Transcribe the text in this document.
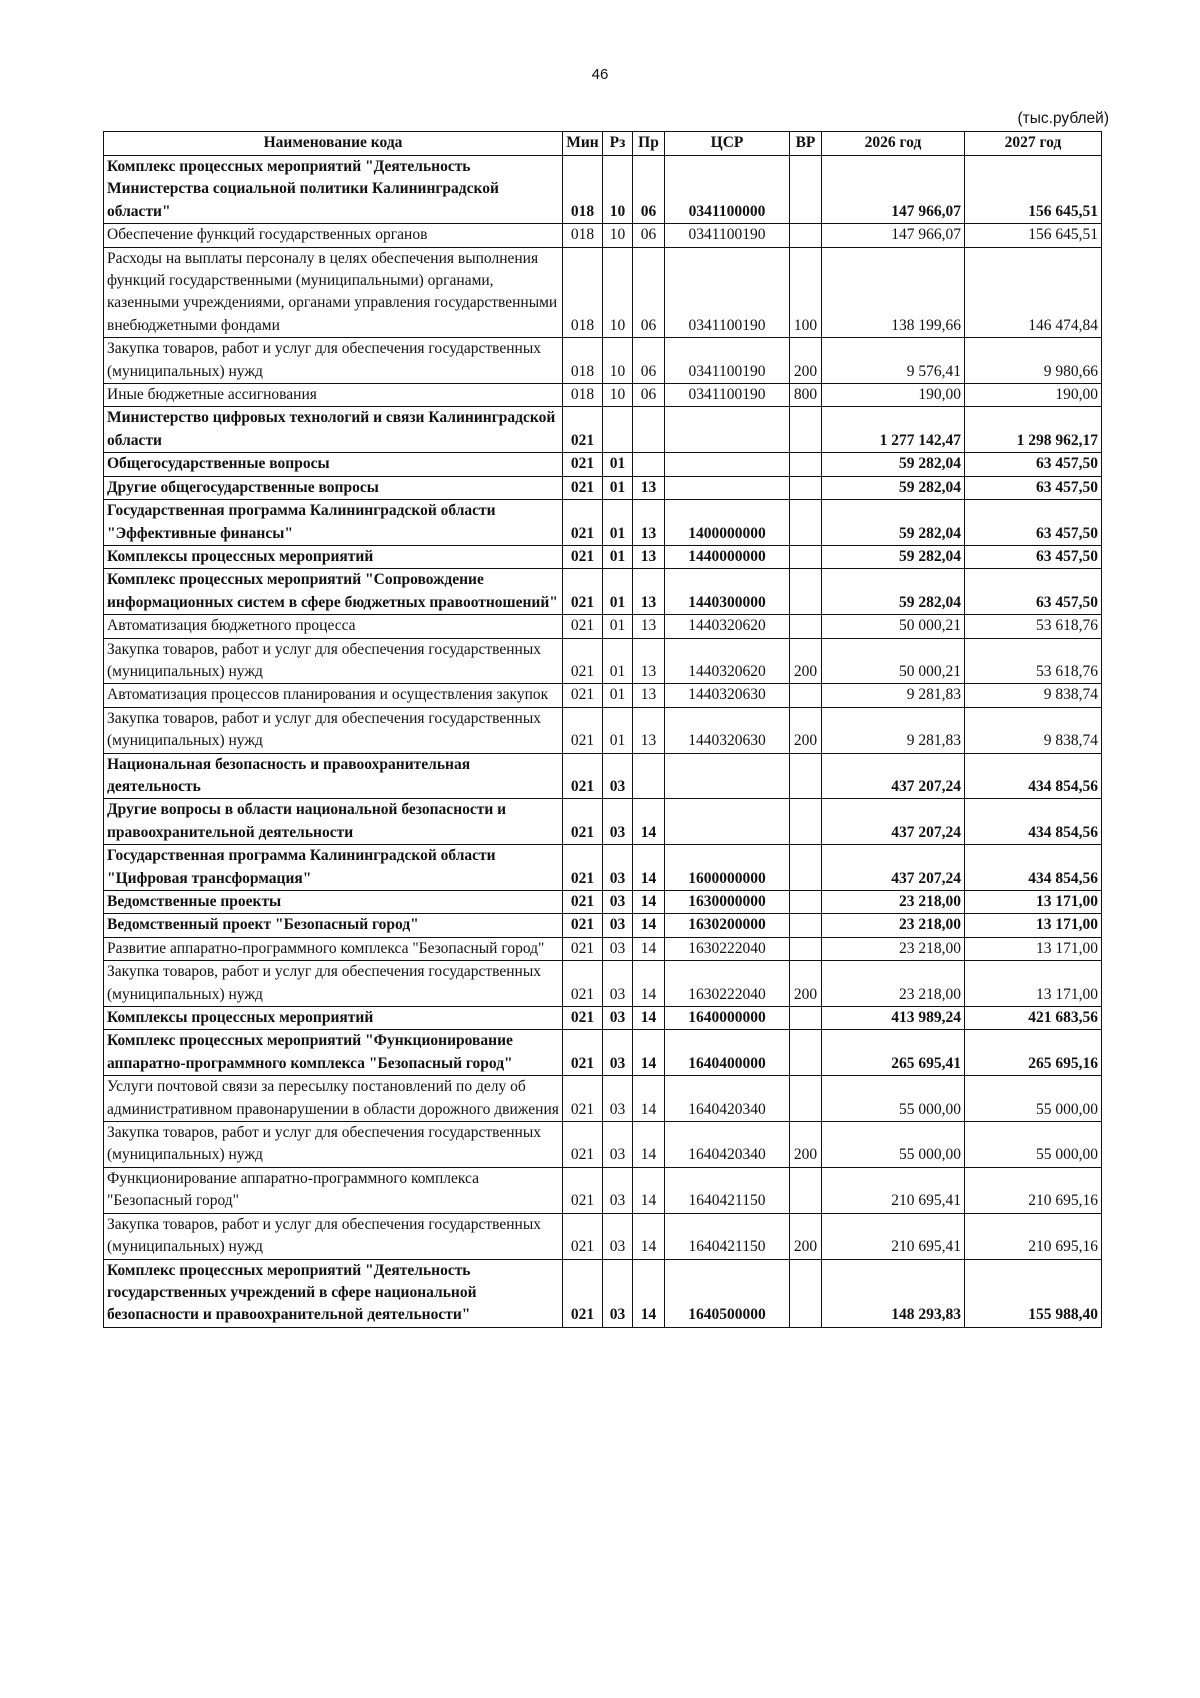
46
(тыс.рублей)
Наименование кода	Мин	Рз	Пр	ЦСР	ВР	2026 год	2027 год
Комплекс процессных мероприятий "Деятельность Министерства социальной политики Калининградской области"	018	10	06	0341100000		147 966,07	156 645,51
Обеспечение функций государственных органов	018	10	06	0341100190		147 966,07	156 645,51
Расходы на выплаты персоналу в целях обеспечения выполнения функций государственными (муниципальными) органами, казенными учреждениями, органами управления государственными внебюджетными фондами	018	10	06	0341100190	100	138 199,66	146 474,84
Закупка товаров, работ и услуг для обеспечения государственных (муниципальных) нужд	018	10	06	0341100190	200	9 576,41	9 980,66
Иные бюджетные ассигнования	018	10	06	0341100190	800	190,00	190,00
Министерство цифровых технологий и связи Калининградской области	021					1 277 142,47	1 298 962,17
Общегосударственные вопросы	021	01				59 282,04	63 457,50
Другие общегосударственные вопросы	021	01	13			59 282,04	63 457,50
Государственная программа Калининградской области "Эффективные финансы"	021	01	13	1400000000		59 282,04	63 457,50
Комплексы процессных мероприятий	021	01	13	1440000000		59 282,04	63 457,50
Комплекс процессных мероприятий "Сопровождение информационных систем в сфере бюджетных правоотношений"	021	01	13	1440300000		59 282,04	63 457,50
Автоматизация бюджетного процесса	021	01	13	1440320620		50 000,21	53 618,76
Закупка товаров, работ и услуг для обеспечения государственных (муниципальных) нужд	021	01	13	1440320620	200	50 000,21	53 618,76
Автоматизация процессов планирования и осуществления закупок	021	01	13	1440320630		9 281,83	9 838,74
Закупка товаров, работ и услуг для обеспечения государственных (муниципальных) нужд	021	01	13	1440320630	200	9 281,83	9 838,74
Национальная безопасность и правоохранительная деятельность	021	03				437 207,24	434 854,56
Другие вопросы в области национальной безопасности и правоохранительной деятельности	021	03	14			437 207,24	434 854,56
Государственная программа Калининградской области "Цифровая трансформация"	021	03	14	1600000000		437 207,24	434 854,56
Ведомственные проекты	021	03	14	1630000000		23 218,00	13 171,00
Ведомственный проект "Безопасный город"	021	03	14	1630200000		23 218,00	13 171,00
Развитие аппаратно-программного комплекса "Безопасный город"	021	03	14	1630222040		23 218,00	13 171,00
Закупка товаров, работ и услуг для обеспечения государственных (муниципальных) нужд	021	03	14	1630222040	200	23 218,00	13 171,00
Комплексы процессных мероприятий	021	03	14	1640000000		413 989,24	421 683,56
Комплекс процессных мероприятий "Функционирование аппаратно-программного комплекса "Безопасный город"	021	03	14	1640400000		265 695,41	265 695,16
Услуги почтовой связи за пересылку постановлений по делу об административном правонарушении в области дорожного движения	021	03	14	1640420340		55 000,00	55 000,00
Закупка товаров, работ и услуг для обеспечения государственных (муниципальных) нужд	021	03	14	1640420340	200	55 000,00	55 000,00
Функционирование аппаратно-программного комплекса "Безопасный город"	021	03	14	1640421150		210 695,41	210 695,16
Закупка товаров, работ и услуг для обеспечения государственных (муниципальных) нужд	021	03	14	1640421150	200	210 695,41	210 695,16
Комплекс процессных мероприятий "Деятельность государственных учреждений в сфере национальной безопасности и правоохранительной деятельности"	021	03	14	1640500000		148 293,83	155 988,40
